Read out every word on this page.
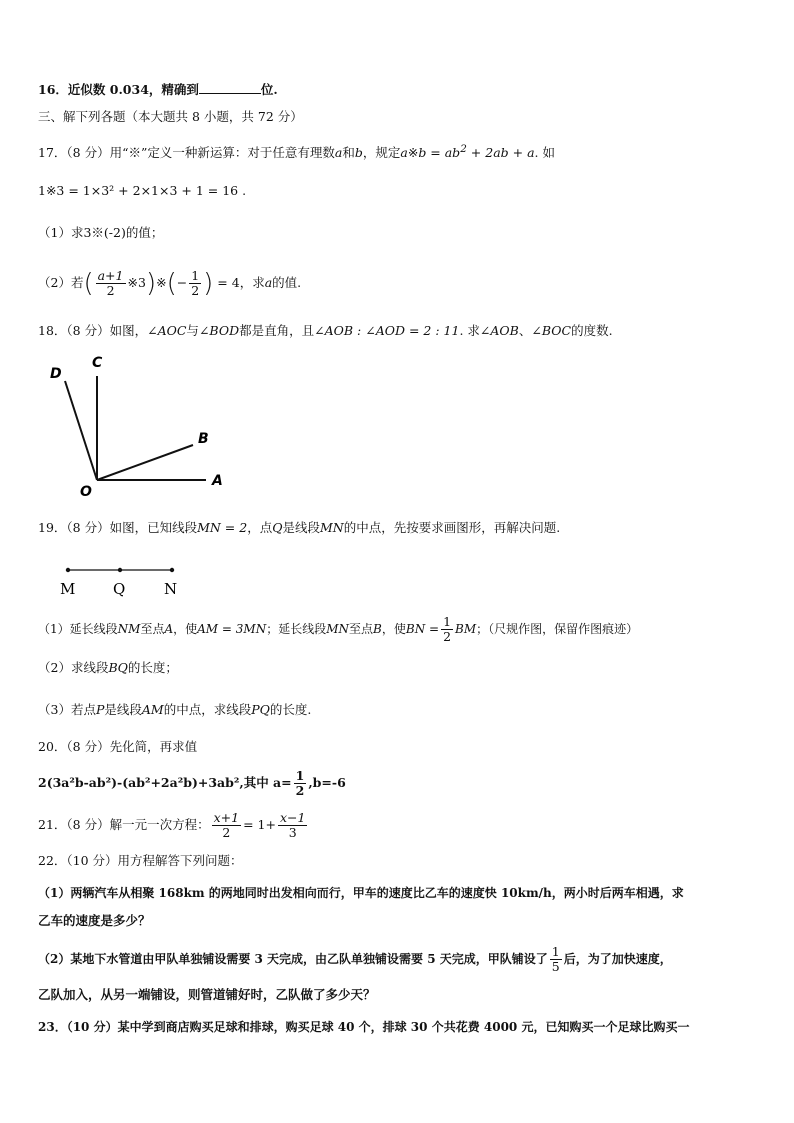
16．近似数 0.034，精确到	位.
三、解下列各题（本大题共 8 小题，共 72 分）
17．（8 分）用“※”定义一种新运算：对于任意有理数a和b，规定a※b = $ab^2 + 2ab + a$. 如
1※3 = 1×3² + 2×1×3 + 1 = 16 .
（1）求3※(-2)的值；
（2）若( $\frac{a+1}{2}$ ※3)※(− $\frac{1}{2}$ ) = 4，求a的值.
18．（8 分）如图，∠AOC与∠BOD都是直角，且∠AOB : ∠AOD = 2 : 11. 求∠AOB、∠BOC的度数.
D
C
B
O
A
19．（8 分）如图，已知线段MN = 2，点Q是线段MN的中点，先按要求画图形，再解决问题.
M	Q	N
（1）延长线段NM至点A，使AM = 3MN；延长线段MN至点B，使BN = $\frac{1}{2}$ BM；（尺规作图，保留作图痕迹）
（2）求线段BQ的长度；
（3）若点P是线段AM的中点，求线段PQ的长度.
20．（8 分）先化简，再求值
2(3a²b-ab²)-(ab²+2a²b)+3ab²,其中 $a= \frac{1}{2} ,b=-6$
21．（8 分）解一元一次方程： $\frac{x+1}{2} = 1+ \frac{x-1}{3}$
22．（10 分）用方程解答下列问题：
（1）两辆汽车从相聚 168km 的两地同时出发相向而行，甲车的速度比乙车的速度快 10km/h，两小时后两车相遇，求
乙车的速度是多少？
（2）某地下水管道由甲队单独铺设需要 3 天完成，由乙队单独铺设需要 5 天完成，甲队铺设了 $\frac{1}{5}$ 后，为了加快速度，
乙队加入，从另一端铺设，则管道铺好时，乙队做了多少天？
23．（10 分）某中学到商店购买足球和排球，购买足球 40 个，排球 30 个共花费 4000 元，已知购买一个足球比购买一
